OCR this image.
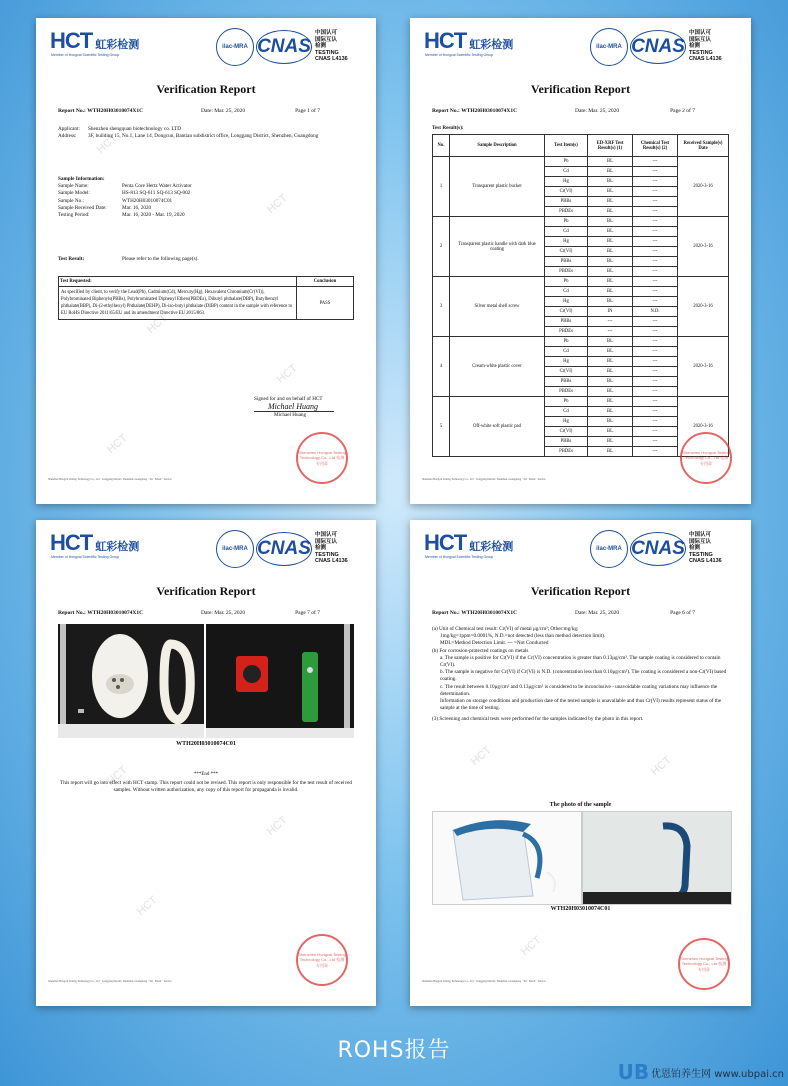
HCT 虹彩检测
Member of Hongcai Scientific Testing Group
ilac-MRA CNAS
中国认可
国际互认
检测
TESTING
CNAS L4136
HCT
HCT
HCT
HCT
HCT
Verification Report
Report No.: WTH20H03010074X1C	Date: Mar. 25, 2020	Page 1 of 7
Applicant:	Shenzhen shengquan biotechnology co. LTD
Address:	3F, building 15, No.1, Lane 14, Dongcun, Bantian subdistrict office, Longgang District, Shenzhen, Guangdong
Sample Information:
Sample Name:	Penta Core Hertz Water Activator
Sample Model:	HS-813 SQ-611 SQ-613 SQ-002
Sample No.:	WTH20H03010074C01
Sample Received Date:	Mar. 16, 2020
Testing Period:	Mar. 16, 2020 - Mar. 19, 2020
Test Result:	Please refer to the following page(s).
Test Requested:	Conclusion
As specified by client, to verify the Lead(Pb), Cadmium(Cd), Mercury(Hg), Hexavalent Chromium(Cr(VI)), Polybrominated Biphenyls(PBBs), Polybrominated Diphenyl Ethers(PBDEs), Dibutyl phthalate(DBP), Butylbenzyl phthalate(BBP), Di-(2-ethylhexyl) Phthalate(DEHP), Di-iso-butyl phthalate (DIBP) content in the sample with reference to EU RoHS Directive 2011/65/EU and its amendment Directive EU 2015/863.	PASS
Signed for and on behalf of HCT
Michael Huang
Michael Huang
Shenzhen Hongcai Testing Technology Co., Ltd 检测专用章
Shenzhen Hongcai Testing Technology Co., Ltd · Longgang District, Shenzhen, Guangdong · Tel · Email · Service
HCT 虹彩检测
Member of Hongcai Scientific Testing Group
ilac-MRA CNAS
中国认可
国际互认
检测
TESTING
CNAS L4136
Verification Report
Report No.: WTH20H03010074X1C	Date: Mar. 25, 2020	Page 2 of 7
Test Result(s):
No.	Sample Description	Test Item(s)	ED-XRF Test Result(s) (1)	Chemical Test Result(s) (2)	Received Sample(s) Date
1	Transparent plastic bucket	Pb	BL	---	2020-3-16
		Cd	BL	---	
		Hg	BL	---	
		Cr(VI)	BL	---	
		PBBs	BL	---	
		PBDEs	BL	---	
2	Transparent plastic handle with dark blue coating	Pb	BL	---	2020-3-16
		Cd	BL	---	
		Hg	BL	---	
		Cr(VI)	BL	---	
		PBBs	BL	---	
		PBDEs	BL	---	
3	Silver metal shell screw	Pb	BL	---	2020-3-16
		Cd	BL	---	
		Hg	BL	---	
		Cr(VI)	IN	N.D.	
		PBBs	---	---	
		PBDEs	---	---	
4	Cream-white plastic cover	Pb	BL	---	2020-3-16
		Cd	BL	---	
		Hg	BL	---	
		Cr(VI)	BL	---	
		PBBs	BL	---	
		PBDEs	BL	---	
5	Off-white soft plastic pad	Pb	BL	---	2020-3-16
		Cd	BL	---	
		Hg	BL	---	
		Cr(VI)	BL	---	
		PBBs	BL	---	
		PBDEs	BL	---		Shenzhen Hongcai Testing Technology Co., Ltd 检测专用章
Shenzhen Hongcai Testing Technology Co., Ltd · Longgang District, Shenzhen, Guangdong · Tel · Email · Service
HCT 虹彩检测
Member of Hongcai Scientific Testing Group
ilac-MRA CNAS
中国认可
国际互认
检测
TESTING
CNAS L4136
HCT
HCT
HCT
Verification Report
Report No.: WTH20H03010074X1C	Date: Mar. 25, 2020	Page 7 of 7
WTH20H03010074C01
***End ***
This report will go into effect with HCT stamp. This report could not be revised. This report is only responsible for the test result of received samples. Without written authorization, any copy of this report for propaganda is invalid.
Shenzhen Hongcai Testing Technology Co., Ltd 检测专用章
Shenzhen Hongcai Testing Technology Co., Ltd · Longgang District, Shenzhen, Guangdong · Tel · Email · Service
HCT 虹彩检测
Member of Hongcai Scientific Testing Group
ilac-MRA CNAS
中国认可
国际互认
检测
TESTING
CNAS L4136
HCT	HCT
HCT
Verification Report
Report No.: WTH20H03010074X1C	Date: Mar. 25, 2020	Page 6 of 7
(a) Unit of Chemical test result: Cr(VI) of metal μg/cm²; Other:mg/kg;
1mg/kg=1ppm=0.0001%, N.D.=not detected (less than method detection limit).
MDL=Method Detection Limit. --- =Not Conducted
(b) For corrosion-protected coatings on metals
a. The sample is positive for Cr(VI) if the Cr(VI) concentration is greater than 0.13μg/cm². The sample coating is considered to contain Cr(VI).
b. The sample is negative for Cr(VI) if Cr(VI) is N.D. (concentration less than 0.10μg/cm²). The coating is considered a non-Cr(VI) based coating.
c. The result between 0.10μg/cm² and 0.13μg/cm² is considered to be inconclusive - unavoidable coating variations may influence the determination.
Information on storage conditions and production date of the tested sample is unavailable and thus Cr(VI) results represent status of the sample at the time of testing.
(3) Screening and chemical tests were performed for the samples indicated by the photo in this report.
The photo of the sample
WTH20H03010074C01
Shenzhen Hongcai Testing Technology Co., Ltd 检测专用章
Shenzhen Hongcai Testing Technology Co., Ltd · Longgang District, Shenzhen, Guangdong · Tel · Email · Service
ROHS报告
UB 优恩铂养生网 www.ubpai.cn
